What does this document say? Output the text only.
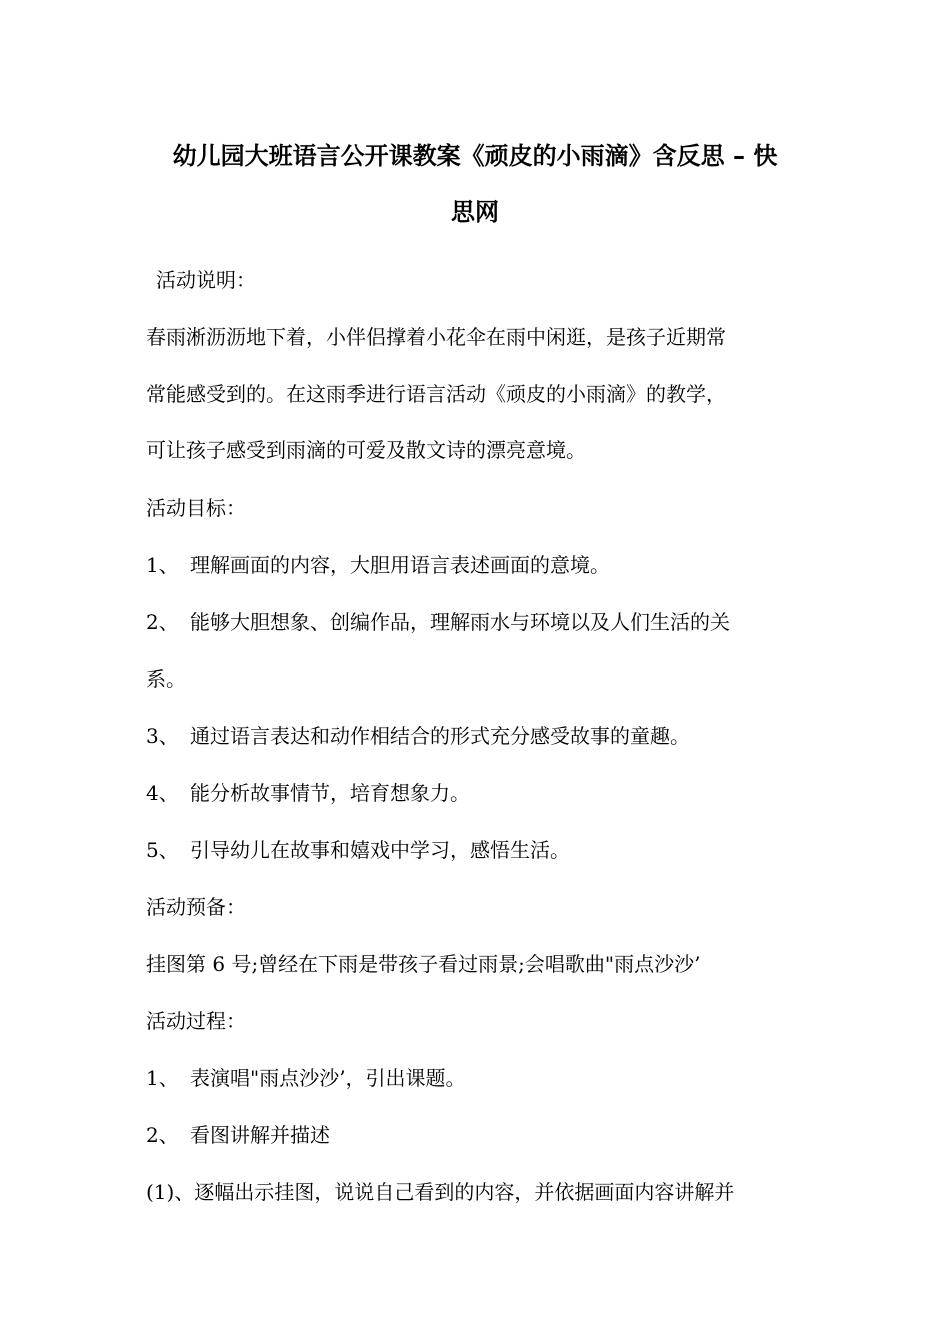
幼儿园大班语言公开课教案《顽皮的小雨滴》含反思 – 快
思网
活动说明：
春雨淅沥沥地下着，小伴侣撑着小花伞在雨中闲逛，是孩子近期常
常能感受到的。在这雨季进行语言活动《顽皮的小雨滴》的教学，
可让孩子感受到雨滴的可爱及散文诗的漂亮意境。
活动目标：
1、 理解画面的内容，大胆用语言表述画面的意境。
2、 能够大胆想象、创编作品，理解雨水与环境以及人们生活的关
系。
3、 通过语言表达和动作相结合的形式充分感受故事的童趣。
4、 能分析故事情节，培育想象力。
5、 引导幼儿在故事和嬉戏中学习，感悟生活。
活动预备：
挂图第 6 号;曾经在下雨是带孩子看过雨景;会唱歌曲"雨点沙沙’
活动过程：
1、 表演唱"雨点沙沙’，引出课题。
2、 看图讲解并描述
(1)、逐幅出示挂图，说说自己看到的内容，并依据画面内容讲解并
